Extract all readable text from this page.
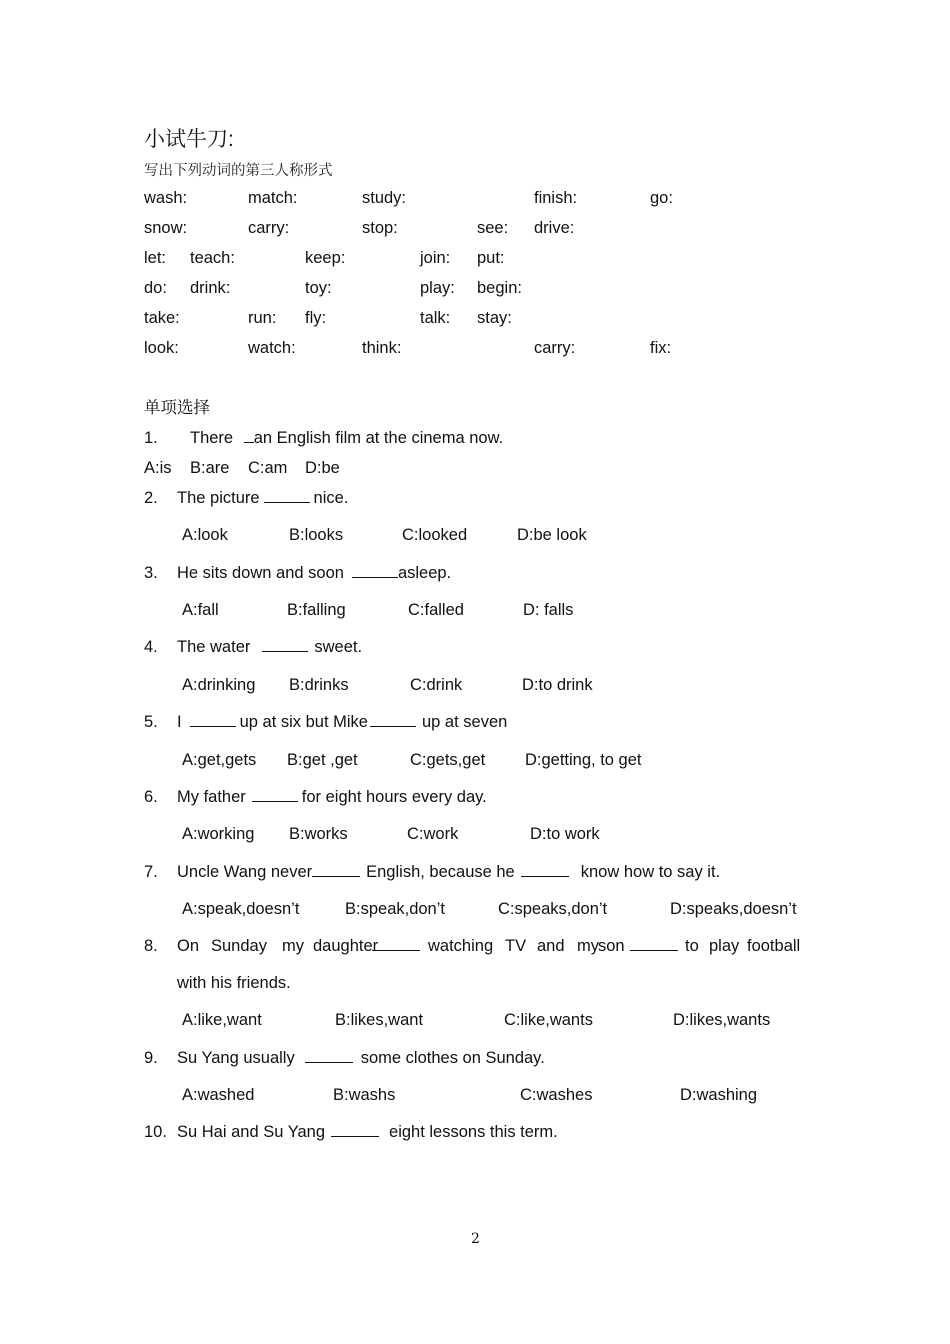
小试牛刀:
写出下列动词的第三人称形式
wash:	match:	study:	finish:	go:
snow:	carry:	stop:	see: drive:
let: teach:	keep:	join: put:
do: drink:	toy:	play: begin:
take:	run: fly:	talk: stay:
look:	watch:	think:	carry:	fix:
单项选择
1. There an English film at the cinema now.
A:is B:are C:am D:be
2. The picture	nice.
A:look	B:looks	C:looked	D:be look
3. He sits down and soon	asleep.
A:fall	B:falling	C:falled	D: falls
4. The water	sweet.
A:drinking B:drinks	C:drink	D:to drink
5. I	up at six but Mike	up at seven
A:get,gets B:get ,get	C:gets,get D:getting, to get
6. My father	for eight hours every day.
A:working B:works	C:work	D:to work
7. Uncle Wang never	English, because he	know how to say it.
A:speak,doesn’t	B:speak,don’t	C:speaks,don’t	D:speaks,doesn’t
8. On Sunday my daughter	watching TV and my son	to play football
with his friends.
A:like,want	B:likes,want	C:like,wants	D:likes,wants
9. Su Yang usually	some clothes on Sunday.
A:washed	B:washs	C:washes	D:washing
10. Su Hai and Su Yang	eight lessons this term.
2
